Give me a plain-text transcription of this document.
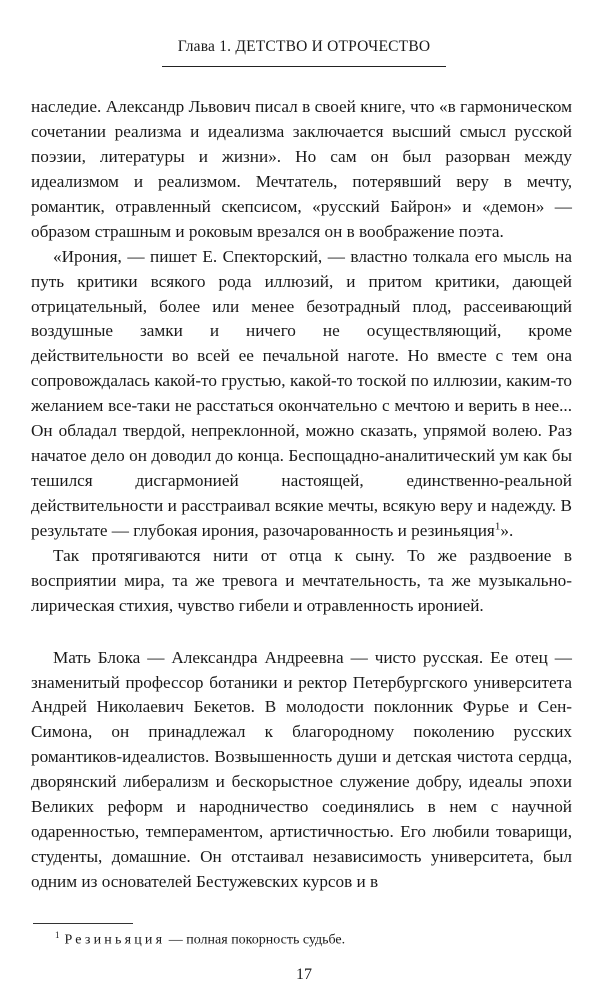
Глава 1. ДЕТСТВО И ОТРОЧЕСТВО

наследие. Александр Львович писал в своей книге, что «в гармоническом сочетании реализма и идеализма заключается высший смысл русской поэзии, литературы и жизни». Но сам он был разорван между идеализмом и реализмом. Мечтатель, потерявший веру в мечту, романтик, отравленный скепсисом, «русский Байрон» и «демон» — образом страшным и роковым врезался он в воображение поэта.

«Ирония, — пишет Е. Спекторский, — властно толкала его мысль на путь критики всякого рода иллюзий, и притом критики, дающей отрицательный, более или менее безотрадный плод, рассеивающий воздушные замки и ничего не осуществляющий, кроме действительности во всей ее печальной наготе. Но вместе с тем она сопровождалась какой-то грустью, какой-то тоской по иллюзии, каким-то желанием все-таки не расстаться окончательно с мечтою и верить в нее... Он обладал твердой, непреклонной, можно сказать, упрямой волею. Раз начатое дело он доводил до конца. Беспощадно-аналитический ум как бы тешился дисгармонией настоящей, единственно-реальной действительности и расстраивал всякие мечты, всякую веру и надежду. В результате — глубокая ирония, разочарованность и резиньяция$^1$».

Так протягиваются нити от отца к сыну. То же раздвоение в восприятии мира, та же тревога и мечтательность, та же музыкально-лирическая стихия, чувство гибели и отравленность иронией.

Мать Блока — Александра Андреевна — чисто русская. Ее отец — знаменитый профессор ботаники и ректор Петербургского университета Андрей Николаевич Бекетов. В молодости поклонник Фурье и Сен-Симона, он принадлежал к благородному поколению русских романтиков-идеалистов. Возвышенность души и детская чистота сердца, дворянский либерализм и бескорыстное служение добру, идеалы эпохи Великих реформ и народничество соединялись в нем с научной одаренностью, темпераментом, артистичностью. Его любили товарищи, студенты, домашние. Он отстаивал независимость университета, был одним из основателей Бестужевских курсов и в

$^1$ Резиньяция — полная покорность судьбе.
17
